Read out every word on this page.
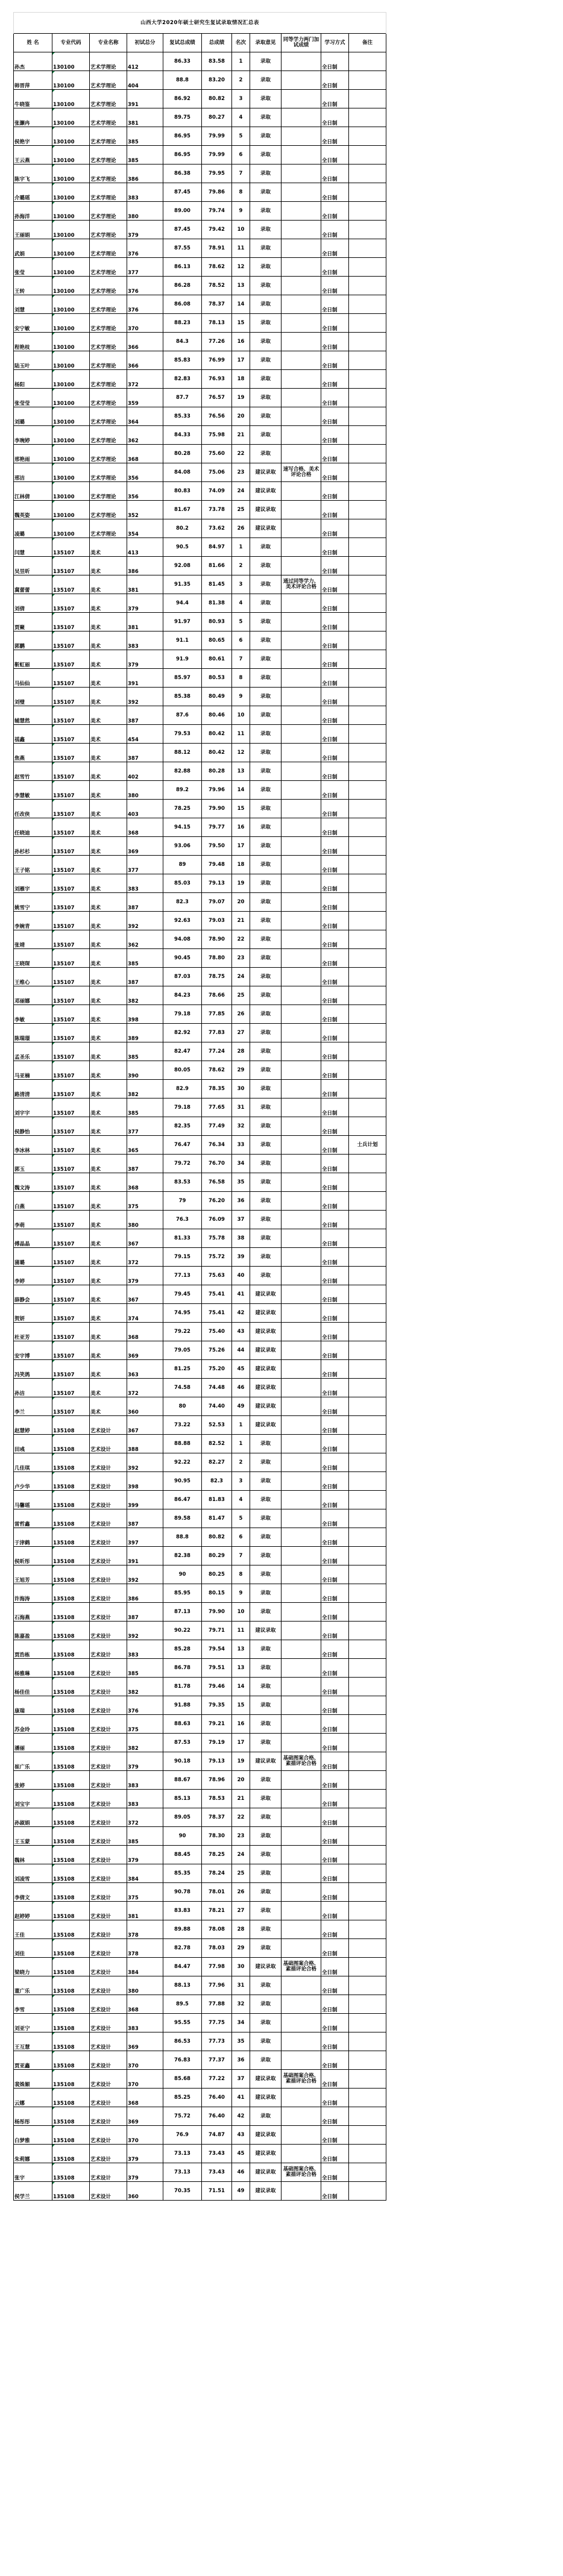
山西大学2020年硕士研究生复试录取情况汇总表										
姓 名	专业代码	专业名称	初试总分	复试总成绩	总成绩	名次	录取意见	同等学力两门加试成绩	学习方式	备注
孙杰	130100	艺术学理论	412	86.33	83.58	1	录取		全日制	
韩晋萍	130100	艺术学理论	404	88.8	83.20	2	录取		全日制	
牛晓鉴	130100	艺术学理论	391	86.92	80.82	3	录取		全日制	
张灏冉	130100	艺术学理论	381	89.75	80.27	4	录取		全日制	
侯艳宇	130100	艺术学理论	385	86.95	79.99	5	录取		全日制	
王云燕	130100	艺术学理论	385	86.95	79.99	6	录取		全日制	
陈宇飞	130100	艺术学理论	386	86.38	79.95	7	录取		全日制	
介璐瑶	130100	艺术学理论	383	87.45	79.86	8	录取		全日制	
孙海洋	130100	艺术学理论	380	89.00	79.74	9	录取		全日制	
王丽娟	130100	艺术学理论	379	87.45	79.42	10	录取		全日制	
武娟	130100	艺术学理论	376	87.55	78.91	11	录取		全日制	
张莹	130100	艺术学理论	377	86.13	78.62	12	录取		全日制	
王转	130100	艺术学理论	376	86.28	78.52	13	录取		全日制	
刘慧	130100	艺术学理论	376	86.08	78.37	14	录取		全日制	
安宁敏	130100	艺术学理论	370	88.23	78.13	15	录取		全日制	
程艳枝	130100	艺术学理论	366	84.3	77.26	16	录取		全日制	
陆玉叶	130100	艺术学理论	366	85.83	76.99	17	录取		全日制	
杨阳	130100	艺术学理论	372	82.83	76.93	18	录取		全日制	
张莹莹	130100	艺术学理论	359	87.7	76.57	19	录取		全日制	
刘璐	130100	艺术学理论	364	85.33	76.56	20	录取		全日制	
李琬婷	130100	艺术学理论	362	84.33	75.98	21	录取		全日制	
邢艳雨	130100	艺术学理论	368	80.28	75.60	22	录取		全日制	
邢洁	130100	艺术学理论	356	84.08	75.06	23	建议录取	速写合格、美术评论合格	全日制	
江林倩	130100	艺术学理论	356	80.83	74.09	24	建议录取		全日制	
魏英姿	130100	艺术学理论	352	81.67	73.78	25	建议录取		全日制	
凌璐	130100	艺术学理论	354	80.2	73.62	26	建议录取		全日制	
闫慧	135107	美术	413	90.5	84.97	1	录取		全日制	
吴昱昕	135107	美术	386	92.08	81.66	2	录取		全日制	
冀蕾蕾	135107	美术	381	91.35	81.45	3	录取	通过同等学力、美术评论合格	全日制	
刘倩	135107	美术	379	94.4	81.38	4	录取		全日制	
贾聚	135107	美术	381	91.97	80.93	5	录取		全日制	
郭鹏	135107	美术	383	91.1	80.65	6	录取		全日制	
靳虹丽	135107	美术	379	91.9	80.61	7	录取		全日制	
马仙仙	135107	美术	391	85.97	80.53	8	录取		全日制	
刘璧	135107	美术	392	85.38	80.49	9	录取		全日制	
辅慧然	135107	美术	387	87.6	80.46	10	录取		全日制	
禚鑫	135107	美术	454	79.53	80.42	11	录取		全日制	
焦燕	135107	美术	387	88.12	80.42	12	录取		全日制	
赵雪竹	135107	美术	402	82.88	80.28	13	录取		全日制	
李慧敏	135107	美术	380	89.2	79.96	14	录取		全日制	
任改侠	135107	美术	403	78.25	79.90	15	录取		全日制	
任晓迪	135107	美术	368	94.15	79.77	16	录取		全日制	
孙杉杉	135107	美术	369	93.06	79.50	17	录取		全日制	
王子铭	135107	美术	377	89	79.48	18	录取		全日制	
刘雁宇	135107	美术	383	85.03	79.13	19	录取		全日制	
姚雪宁	135107	美术	387	82.3	79.07	20	录取		全日制	
李婉青	135107	美术	392	92.63	79.03	21	录取		全日制	
张靖	135107	美术	362	94.08	78.90	22	录取		全日制	
王晓琛	135107	美术	385	90.45	78.80	23	录取		全日制	
王维心	135107	美术	387	87.03	78.75	24	录取		全日制	
邓丽娜	135107	美术	382	84.23	78.66	25	录取		全日制	
李敏	135107	美术	398	79.18	77.85	26	录取		全日制	
陈瑞璟	135107	美术	389	82.92	77.83	27	录取		全日制	
孟圣乐	135107	美术	385	82.47	77.24	28	录取		全日制	
马亚楠	135107	美术	390	80.05	78.62	29	录取		全日制	
路清清	135107	美术	382	82.9	78.35	30	录取		全日制	
刘宇宇	135107	美术	385	79.18	77.65	31	录取		全日制	
侯静怡	135107	美术	377	82.35	77.49	32	录取		全日制	
李冰林	135107	美术	365	76.47	76.34	33	录取		全日制	士兵计划
郭玉	135107	美术	387	79.72	76.70	34	录取		全日制	
魏文涛	135107	美术	368	83.53	76.58	35	录取		全日制	
白燕	135107	美术	375	79	76.20	36	录取		全日制	
李萌	135107	美术	380	76.3	76.09	37	录取		全日制	
傅晶晶	135107	美术	367	81.33	75.78	38	录取		全日制	
蒲璐	135107	美术	372	79.15	75.72	39	录取		全日制	
李婷	135107	美术	379	77.13	75.63	40	录取		全日制	
薛静会	135107	美术	367	79.45	75.41	41	建议录取		全日制	
贺妍	135107	美术	374	74.95	75.41	42	建议录取		全日制	
杜亚芳	135107	美术	368	79.22	75.40	43	建议录取		全日制	
安宇博	135107	美术	369	79.05	75.26	44	建议录取		全日制	
冯笑鸽	135107	美术	363	81.25	75.20	45	建议录取		全日制	
孙洁	135107	美术	372	74.58	74.48	46	建议录取		全日制	
李兰	135107	美术	360	80	74.40	49	建议录取		全日制	
赵慧婷	135108	艺术设计	367	73.22	52.53	1	建议录取		全日制	
田彧	135108	艺术设计	388	88.88	82.52	1	录取		全日制	
几佳琪	135108	艺术设计	392	92.22	82.27	2	录取		全日制	
卢少华	135108	艺术设计	398	90.95	82.3	3	录取		全日制	
马馨瑶	135108	艺术设计	399	86.47	81.83	4	录取		全日制	
雷哲鑫	135108	艺术设计	387	89.58	81.47	5	录取		全日制	
于津鹤	135108	艺术设计	397	88.8	80.82	6	录取		全日制	
侯昕彤	135108	艺术设计	391	82.38	80.29	7	录取		全日制	
王旭芳	135108	艺术设计	392	90	80.25	8	录取		全日制	
许海涛	135108	艺术设计	386	85.95	80.15	9	录取		全日制	
石海燕	135108	艺术设计	387	87.13	79.90	10	录取		全日制	
陈嘉盈	135108	艺术设计	392	90.22	79.71	11	建议录取		全日制	
贾浩栋	135108	艺术设计	383	85.28	79.54	13	录取		全日制	
杨雅琳	135108	艺术设计	385	86.78	79.51	13	录取		全日制	
杨佳佳	135108	艺术设计	382	81.78	79.46	14	录取		全日制	
康瑞	135108	艺术设计	376	91.88	79.35	15	录取		全日制	
苏金玲	135108	艺术设计	375	88.63	79.21	16	录取		全日制	
潘丽	135108	艺术设计	382	87.53	79.19	17	录取		全日制	
崔广乐	135108	艺术设计	379	90.18	79.13	19	建议录取	基础图案合格、素描评论合格	全日制	
张婷	135108	艺术设计	383	88.67	78.96	20	录取		全日制	
刘宝宇	135108	艺术设计	383	85.13	78.53	21	录取		全日制	
孙淑娟	135108	艺术设计	372	89.05	78.37	22	录取		全日制	
王玉蒙	135108	艺术设计	385	90	78.30	23	录取		全日制	
魏林	135108	艺术设计	379	88.45	78.25	24	录取		全日制	
刘凌雪	135108	艺术设计	384	85.35	78.24	25	录取		全日制	
李倩文	135108	艺术设计	375	90.78	78.01	26	录取		全日制	
赵婷婷	135108	艺术设计	381	83.83	78.21	27	录取		全日制	
王佳	135108	艺术设计	378	89.88	78.08	28	录取		全日制	
刘佳	135108	艺术设计	378	82.78	78.03	29	录取		全日制	
梁晓力	135108	艺术设计	384	84.47	77.98	30	建议录取	基础图案合格、素描评论合格	全日制	
董广乐	135108	艺术设计	380	88.13	77.96	31	录取		全日制	
李雪	135108	艺术设计	368	89.5	77.88	32	录取		全日制	
刘亚宁	135108	艺术设计	383	95.55	77.75	34	录取		全日制	
王互慧	135108	艺术设计	369	86.53	77.73	35	录取		全日制	
贾亚鑫	135108	艺术设计	370	76.83	77.37	36	录取		全日制	
裴姝媚	135108	艺术设计	370	85.68	77.22	37	建议录取	基础图案合格、素描评论合格	全日制	
云娜	135108	艺术设计	368	85.25	76.40	41	建议录取		全日制	
杨彤彤	135108	艺术设计	369	75.72	76.40	42	录取		全日制	
白梦雅	135108	艺术设计	370	76.9	74.87	43	建议录取		全日制	
朱莉娜	135108	艺术设计	379	73.13	73.43	45	建议录取		全日制	
张宇	135108	艺术设计	379	73.13	73.43	46	建议录取	基础图案合格、素描评论合格	全日制	
侯学兰	135108	艺术设计	360	70.35	71.51	49	建议录取		全日制	
